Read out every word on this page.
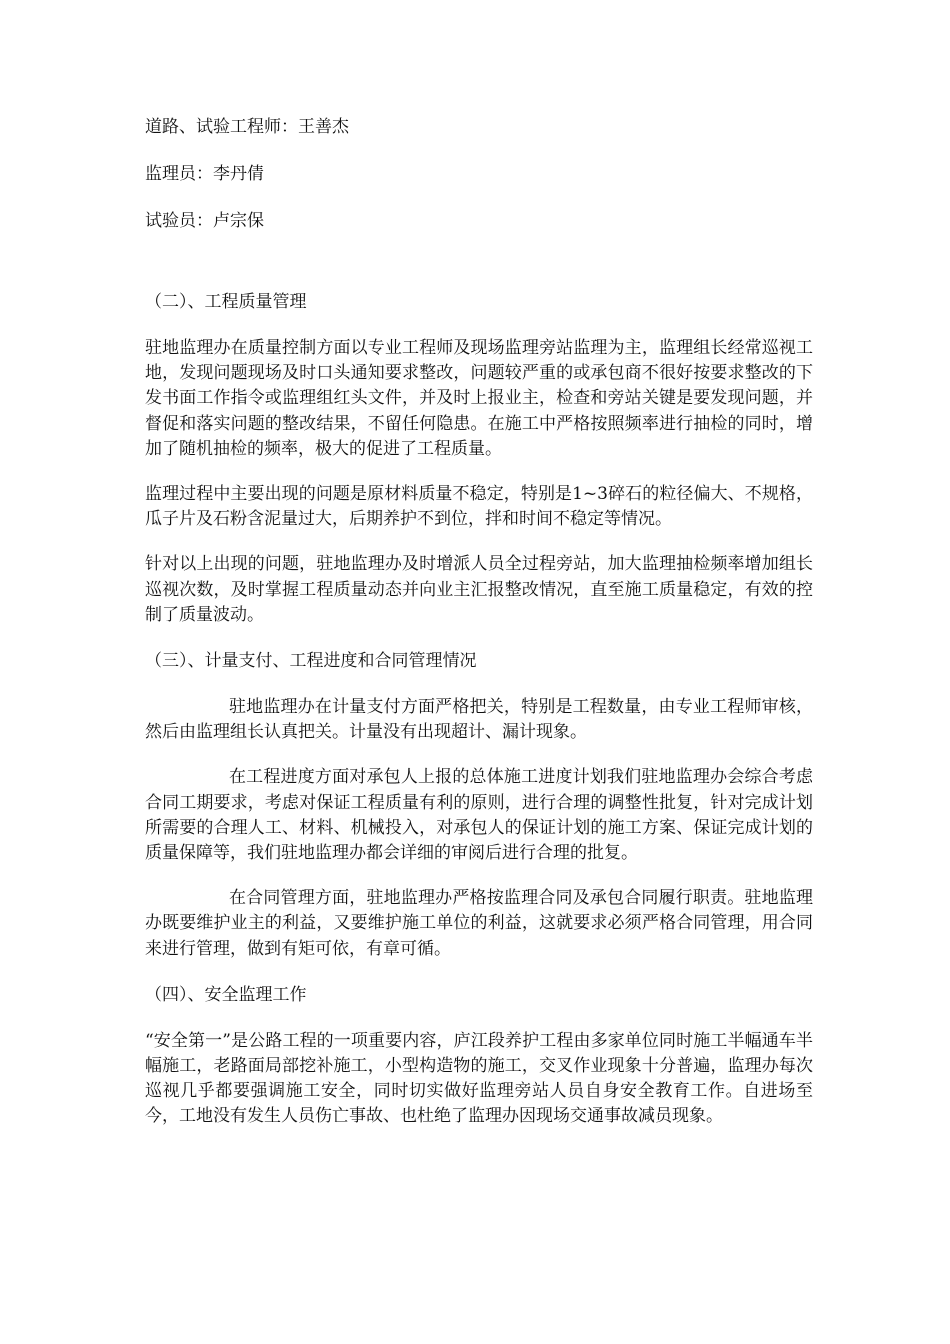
道路、试验工程师：王善杰

监理员：李丹倩

试验员：卢宗保

（二）、工程质量管理

驻地监理办在质量控制方面以专业工程师及现场监理旁站监理为主，监理组长经常巡视工地，发现问题现场及时口头通知要求整改，问题较严重的或承包商不很好按要求整改的下发书面工作指令或监理组红头文件，并及时上报业主，检查和旁站关键是要发现问题，并督促和落实问题的整改结果，不留任何隐患。在施工中严格按照频率进行抽检的同时，增加了随机抽检的频率，极大的促进了工程质量。

监理过程中主要出现的问题是原材料质量不稳定，特别是1~3碎石的粒径偏大、不规格，瓜子片及石粉含泥量过大，后期养护不到位，拌和时间不稳定等情况。

针对以上出现的问题，驻地监理办及时增派人员全过程旁站，加大监理抽检频率增加组长巡视次数，及时掌握工程质量动态并向业主汇报整改情况，直至施工质量稳定，有效的控制了质量波动。

（三）、计量支付、工程进度和合同管理情况

驻地监理办在计量支付方面严格把关，特别是工程数量，由专业工程师审核，然后由监理组长认真把关。计量没有出现超计、漏计现象。

在工程进度方面对承包人上报的总体施工进度计划我们驻地监理办会综合考虑合同工期要求，考虑对保证工程质量有利的原则，进行合理的调整性批复，针对完成计划所需要的合理人工、材料、机械投入，对承包人的保证计划的施工方案、保证完成计划的质量保障等，我们驻地监理办都会详细的审阅后进行合理的批复。

在合同管理方面，驻地监理办严格按监理合同及承包合同履行职责。驻地监理办既要维护业主的利益，又要维护施工单位的利益，这就要求必须严格合同管理，用合同来进行管理，做到有矩可依，有章可循。

（四）、安全监理工作

“安全第一”是公路工程的一项重要内容，庐江段养护工程由多家单位同时施工半幅通车半幅施工，老路面局部挖补施工，小型构造物的施工，交叉作业现象十分普遍，监理办每次巡视几乎都要强调施工安全，同时切实做好监理旁站人员自身安全教育工作。自进场至今，工地没有发生人员伤亡事故、也杜绝了监理办因现场交通事故减员现象。
